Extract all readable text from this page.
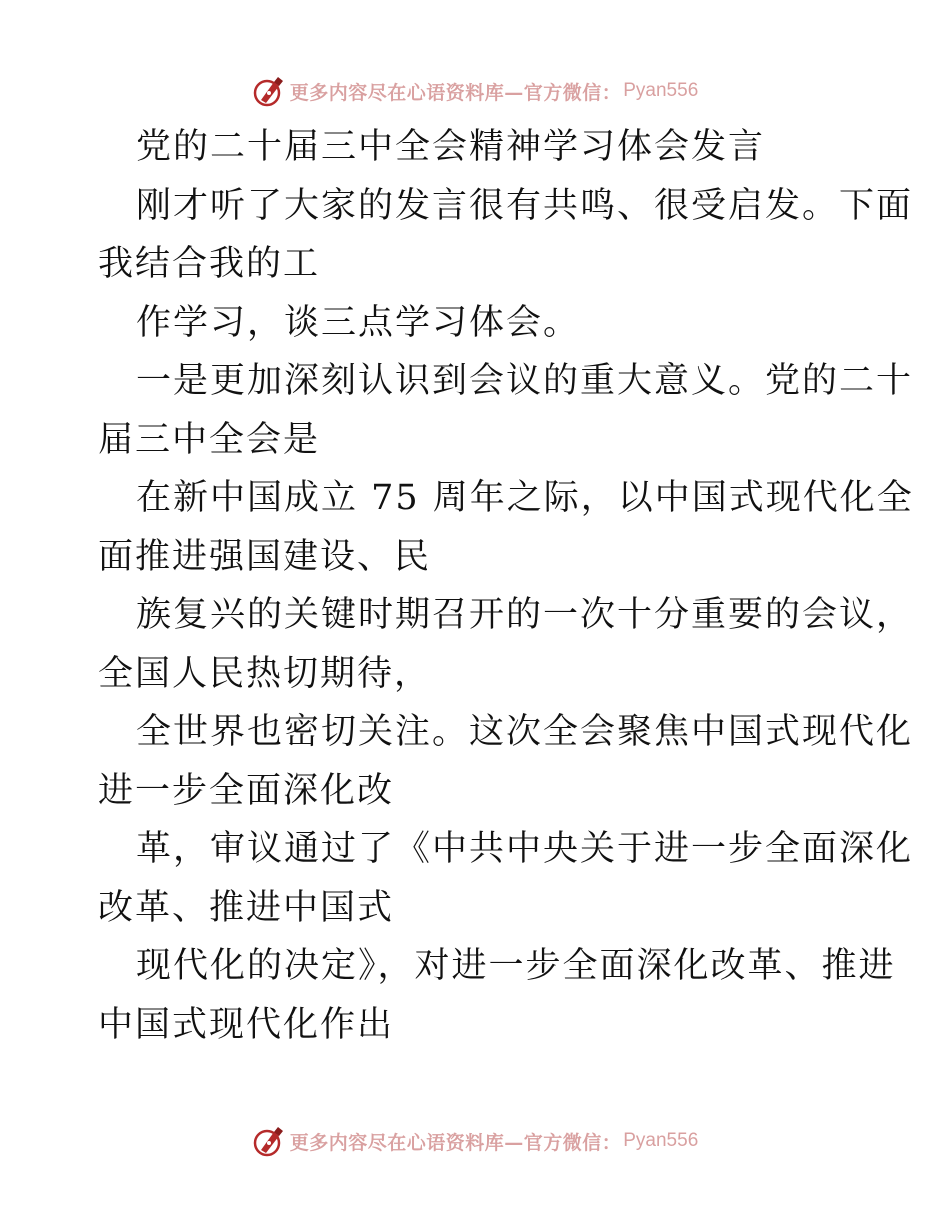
更多内容尽在心语资料库—官方微信： Pyan556
党的二十届三中全会精神学习体会发言
刚才听了大家的发言很有共鸣、很受启发。下面
我结合我的工
作学习，谈三点学习体会。
一是更加深刻认识到会议的重大意义。党的二十
届三中全会是
在新中国成立 75 周年之际，以中国式现代化全
面推进强国建设、民
族复兴的关键时期召开的一次十分重要的会议，
全国人民热切期待，
全世界也密切关注。这次全会聚焦中国式现代化
进一步全面深化改
革，审议通过了《中共中央关于进一步全面深化
改革、推进中国式
现代化的决定》，对进一步全面深化改革、推进
中国式现代化作出
更多内容尽在心语资料库—官方微信： Pyan556
